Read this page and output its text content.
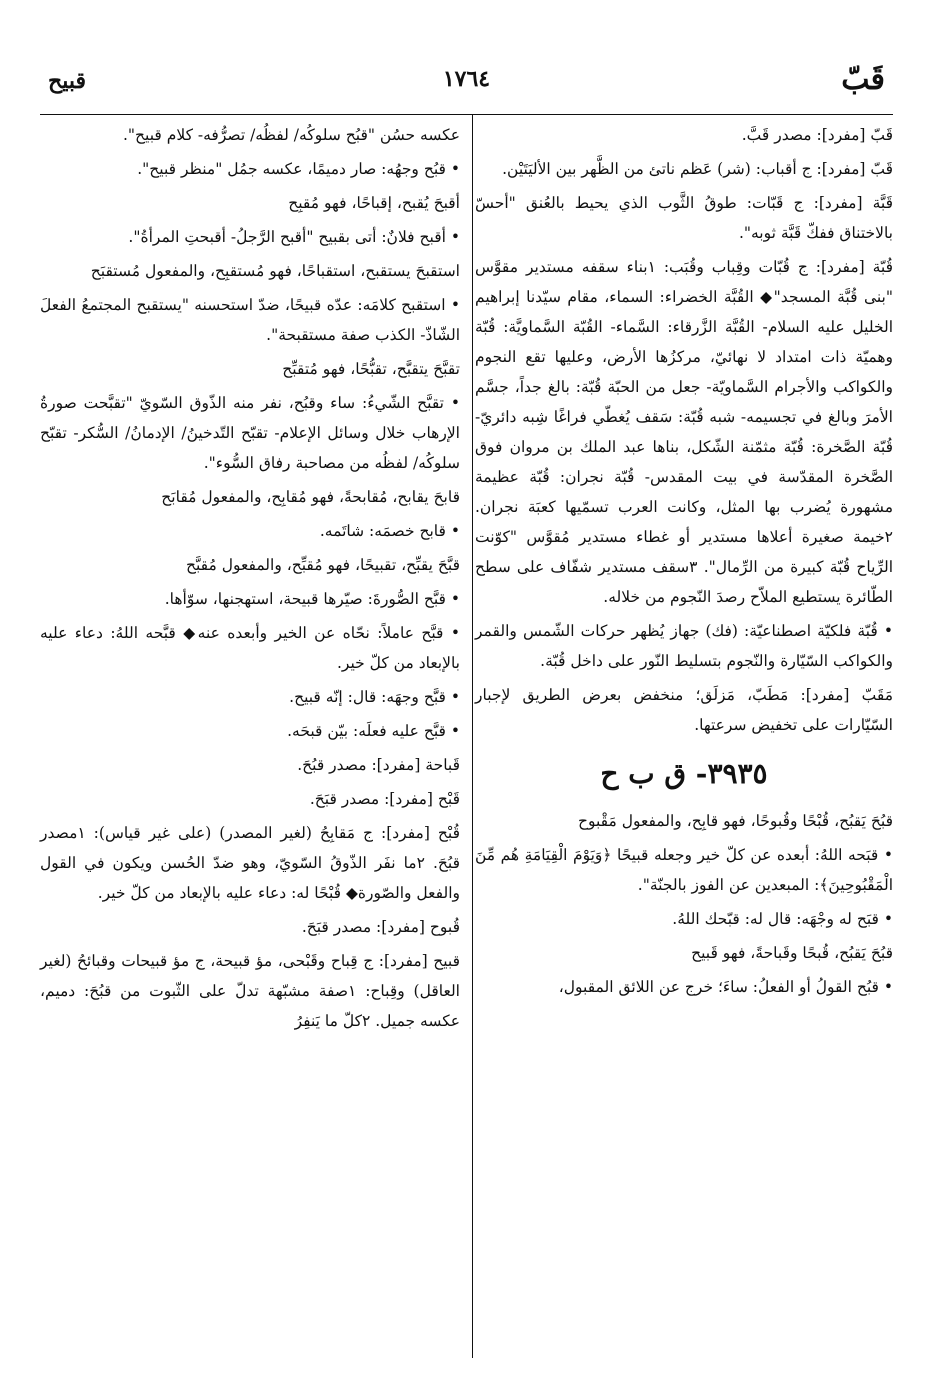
قَبّ
١٧٦٤
قبيح

قَبّ [مفرد]: مصدر قَبَّ.

قَبّ [مفرد]: ج أقباب: (شر) عَظم ناتئ من الظَّهر بين الأليَتَيْن.

قَبَّة [مفرد]: ج قَبّات: طوقُ الثَّوب الذي يحيط بالعُنق "أحسّ بالاختناق ففكّ قَبَّة ثوبه".

قُبّة [مفرد]: ج قُبّات وقِباب وقُبَب: ١بناء سقفه مستدير مقوَّس "بنى قُبَّة المسجد"◆ القُبَّة الخضراء: السماء، مقام سيّدنا إبراهيم الخليل عليه السلام- القُبَّة الزَّرقاء: السَّماء- القُبّة السَّماويَّة: قُبّة وهميّة ذات امتداد لا نهائيّ، مركزُها الأرض، وعليها تقع النجوم والكواكب والأجرام السَّماويّة- جعل من الحبّة قُبّة: بالغ جداً، جسَّم الأمرَ وبالغ في تجسيمه- شبه قُبّة: سَقف يُغطّي فراغًا شِبه دائريّ- قُبّة الصَّخرة: قُبّة مثمّنة الشّكل، بناها عبد الملك بن مروان فوق الصَّخرة المقدّسة في بيت المقدس- قُبّة نجران: قُبّة عظيمة مشهورة يُضرب بها المثل، وكانت العرب تسمّيها كعبَة نجران. ٢خيمة صغيرة أعلاها مستدير أو غطاء مستدير مُقوَّس "كوّنت الرِّياح قُبّة كبيرة من الرِّمال". ٣سقف مستدير شفّاف على سطح الطّائرة يستطيع الملاّح رصدَ النّجوم من خلاله.

• قُبّة فلكيّة اصطناعيّة: (فك) جهاز يُظهر حركات الشّمس والقمر والكواكب السّيّارة والنّجوم بتسليط النّور على داخل قُبّة.

مَقَبّ [مفرد]: مَطَبّ، مَزلَق؛ منخفض بعرض الطريق لإجبار السّيّارات على تخفيض سرعتها.

٣٩٣٥- ق ب ح

قبُحَ يَقبُح، قُبْحًا وقُبوحًا، فهو قابِح، والمفعول مَقْبوح

• قبَحه اللهُ: أبعده عن كلّ خير وجعله قبيحًا ﴿وَيَوْمَ الْقِيَامَةِ هُم مِّنَ الْمَقْبُوحِينَ﴾: المبعدين عن الفوز بالجنّة".

• قبَح له وجْهَه: قال له: قبّحك اللهُ.

قبُحَ يَقبُح، قُبحًا وقَباحةً، فهو قَبيح

• قبُح القولُ أو الفعلُ: ساءَ؛ خرج عن اللائق المقبول،

عكسه حسُن "قبُح سلوكُه/ لفظُه/ تصرُّفه- كلام قبيح".

• قبُح وجهُه: صار دميمًا، عكسه جمُل "منظر قبيح".

أقبحَ يُقبح، إقباحًا، فهو مُقبِح

• أقبح فلانٌ: أتى بقبيح "أقبح الرَّجلُ- أقبحتِ المرأةُ".

استقبحَ يستقبح، استقباحًا، فهو مُستقبِح، والمفعول مُستقبَح

• استقبح كلامَه: عدّه قبيحًا، ضدّ استحسنه "يستقبح المجتمعُ الفعلَ الشّاذّ- الكذب صفة مستقبحة".

تقبَّحَ يتقبَّح، تقبُّحًا، فهو مُتقبِّح

• تقبَّح الشّيءُ: ساء وقبُح، نفر منه الذّوق السّويّ "تقبَّحت صورةُ الإرهاب خلال وسائل الإعلام- تقبّح التّدخينُ/ الإدمانُ/ السُّكر- تقبّح سلوكُه/ لفظُه من مصاحبة رفاق السُّوء".

قابحَ يقابح، مُقابحةً، فهو مُقابِح، والمفعول مُقابَح

• قابح خصمَه: شاتَمه.

قبَّحَ يقبِّح، تقبيحًا، فهو مُقبِّح، والمفعول مُقبَّح

• قبَّح الصُّورةَ: صيّرها قبيحة، استهجنها، سوّأها.

• قبَّح عاملاً: نحّاه عن الخير وأبعده عنه◆ قبَّحه اللهُ: دعاء عليه بالإبعاد من كلّ خير.

• قبَّح وجهَه: قال: إنّه قبيح.

• قبَّح عليه فعلَه: بيّن قبحَه.

قَباحة [مفرد]: مصدر قبُحَ.

قَبْح [مفرد]: مصدر قبَحَ.

قُبْح [مفرد]: ج مَقابِحُ (لغير المصدر) (على غير قياس): ١مصدر قبُحَ. ٢ما نفَر الذّوقُ السّويّ، وهو ضدّ الحُسن ويكون في القول والفعل والصّورة◆ قُبْحًا له: دعاء عليه بالإبعاد من كلّ خير.

قُبوح [مفرد]: مصدر قبَحَ.

قبيح [مفرد]: ج قِباح وقَبْحى، مؤ قبيحة، ج مؤ قبيحات وقبائحُ (لغير العاقل) وقِباح: ١صفة مشبّهة تدلّ على الثّبوت من قبُحَ: دميم، عكسه جميل. ٢كلّ ما يَنفِرُ
